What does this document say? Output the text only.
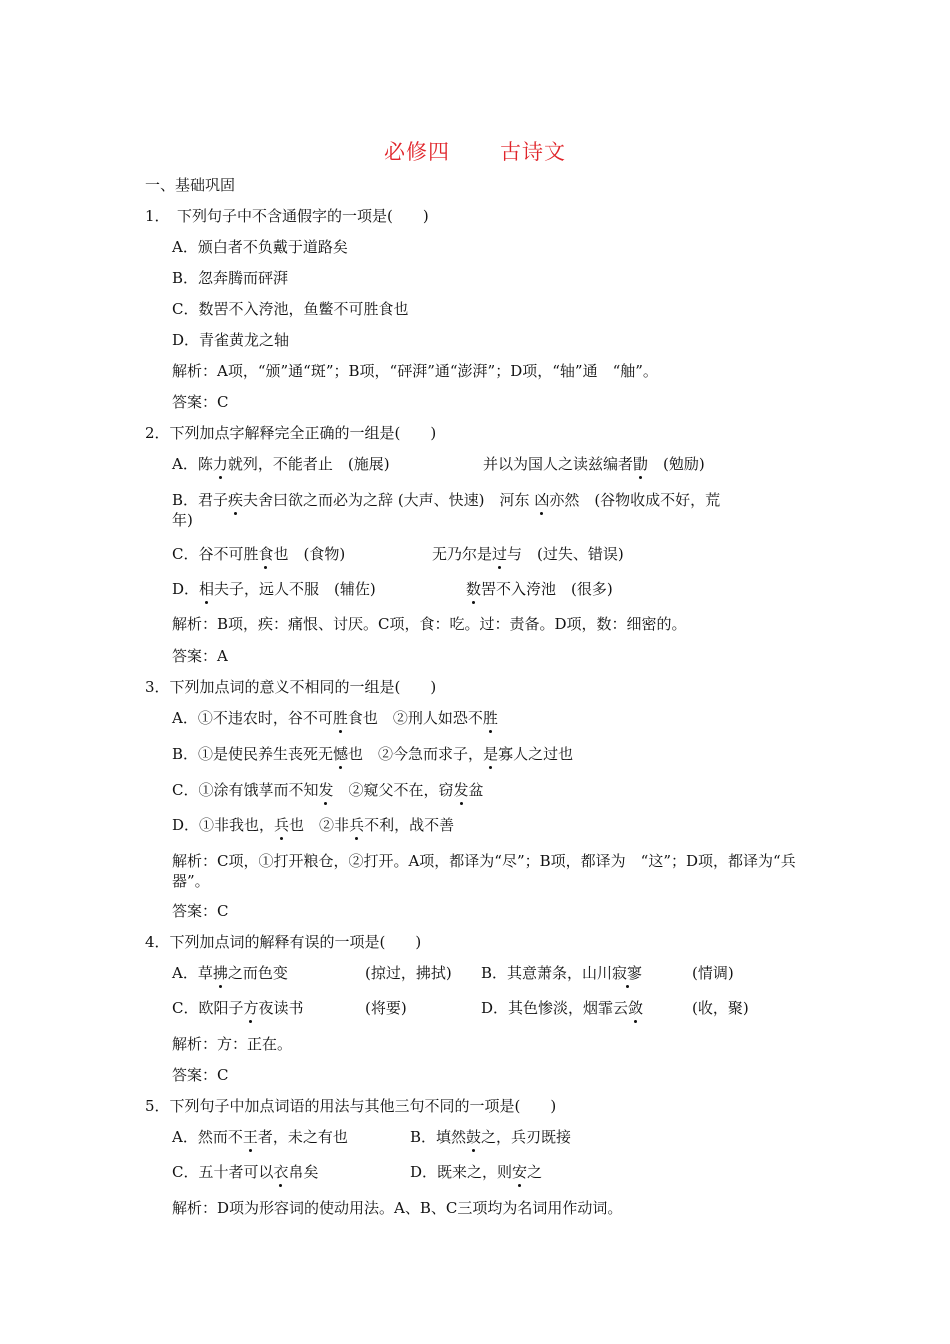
必修四 古诗文
一、基础巩固
1．　下列句子中不含通假字的一项是(　　)
A．颁白者不负戴于道路矣
B．忽奔腾而砰湃
C．数罟不入洿池，鱼鳖不可胜食也
D．青雀黄龙之轴
解析：A项，“颁”通“斑”；B项，“砰湃”通“澎湃”；D项，“轴”通　“舳”。
答案：C
2．下列加点字解释完全正确的一组是(　　)
A．陈力就列，不能者止　(施展)	并以为国人之读兹编者勖　(勉励)
B．君子疾夫舍曰欲之而必为之辞 (大声、快速)　河东 凶亦然　(谷物收成不好，荒
年)
C．谷不可胜食也　(食物)	无乃尔是过与　(过失、错误)
D．相夫子，远人不服　(辅佐)	数罟不入洿池　(很多)
解析：B项，疾：痛恨、讨厌。C项，食：吃。过：责备。D项，数：细密的。
答案：A
3．下列加点词的意义不相同的一组是(　　)
A．①不违农时，谷不可胜食也　②刑人如恐不胜
B．①是使民养生丧死无憾也　②今急而求子，是寡人之过也
C．①涂有饿莩而不知发　②窥父不在，窃发盆
D．①非我也，兵也　②非兵不利，战不善
解析：C项，①打开粮仓，②打开。A项，都译为“尽”；B项，都译为　“这”；D项，都译为“兵器”。
答案：C
4．下列加点词的解释有误的一项是(　　)
A．草拂之而色变	(掠过，拂拭) B．其意萧条，山川寂寥	(情调)
C．欧阳子方夜读书	(将要)	D．其色惨淡，烟霏云敛	(收，聚)
解析：方：正在。
答案：C
5．下列句子中加点词语的用法与其他三句不同的一项是(　　)
A．然而不王者，未之有也	B．填然鼓之，兵刃既接
C．五十者可以衣帛矣	D．既来之，则安之
解析：D项为形容词的使动用法。A、B、C三项均为名词用作动词。
